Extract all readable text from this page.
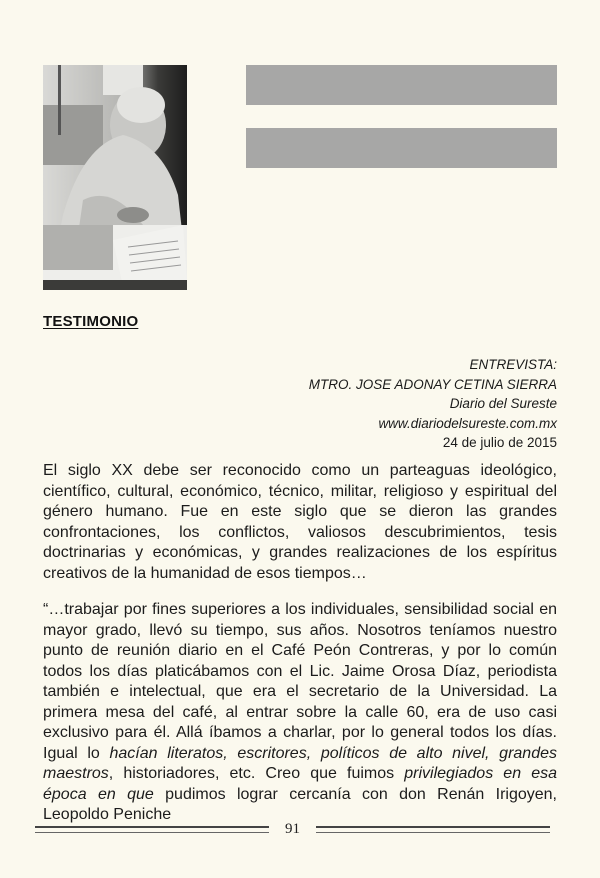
TESTIMONIO
ENTREVISTA:
MTRO. JOSE ADONAY CETINA SIERRA
Diario del Sureste
www.diariodelsureste.com.mx
24 de julio de 2015
El siglo XX debe ser reconocido como un parteaguas ideológico, científico, cultural, económico, técnico, militar, religioso y espiritual del género humano. Fue en este siglo que se dieron las grandes confrontaciones, los conflictos, valiosos descubrimientos, tesis doctrinarias y económicas, y grandes realizaciones de los espíritus creativos de la humanidad de esos tiempos…
“…trabajar por fines superiores a los individuales, sensibilidad social en mayor grado, llevó su tiempo, sus años. Nosotros teníamos nuestro punto de reunión diario en el Café Peón Contreras, y por lo común todos los días platicábamos con el Lic. Jaime Orosa Díaz, periodista también e intelectual, que era el secretario de la Universidad. La primera mesa del café, al entrar sobre la calle 60, era de uso casi exclusivo para él. Allá íbamos a charlar, por lo general todos los días. Igual lo hacían literatos, escritores, políticos de alto nivel, grandes maestros, historiadores, etc. Creo que fuimos privilegiados en esa época en que pudimos lograr cercanía con don Renán Irigoyen, Leopoldo Peniche
91
